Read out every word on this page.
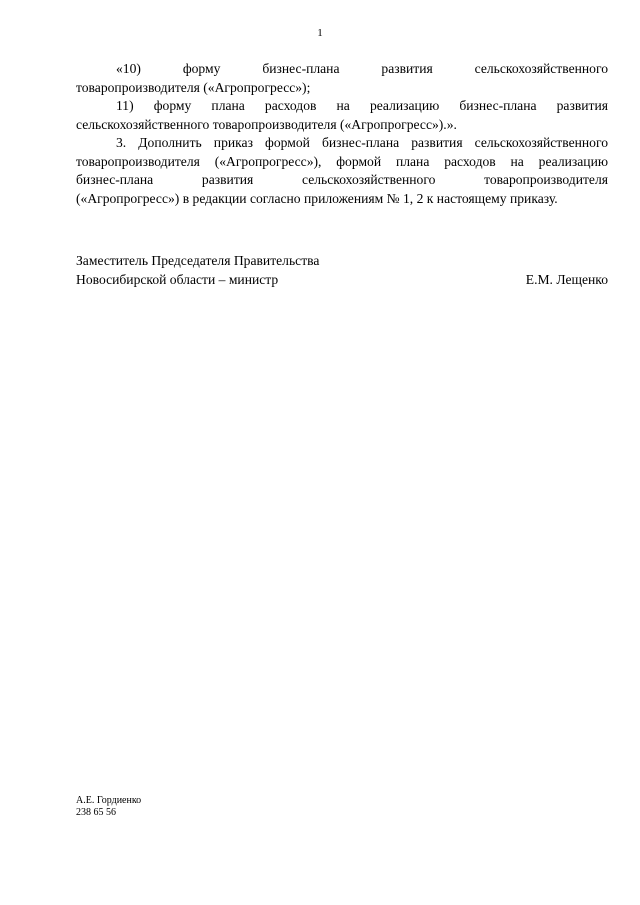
1
«10) форму бизнес-плана развития сельскохозяйственного
товаропроизводителя («Агропрогресс»);
11) форму плана расходов на реализацию бизнес-плана развития
сельскохозяйственного товаропроизводителя («Агропрогресс»).».
3. Дополнить приказ формой бизнес-плана развития сельскохозяйственного
товаропроизводителя («Агропрогресс»), формой плана расходов на реализацию
бизнес-плана развития сельскохозяйственного товаропроизводителя
(«Агропрогресс») в редакции согласно приложениям № 1, 2 к настоящему приказу.
Заместитель Председателя Правительства
Новосибирской области – министр	Е.М. Лещенко
А.Е. Гордиенко
238 65 56
